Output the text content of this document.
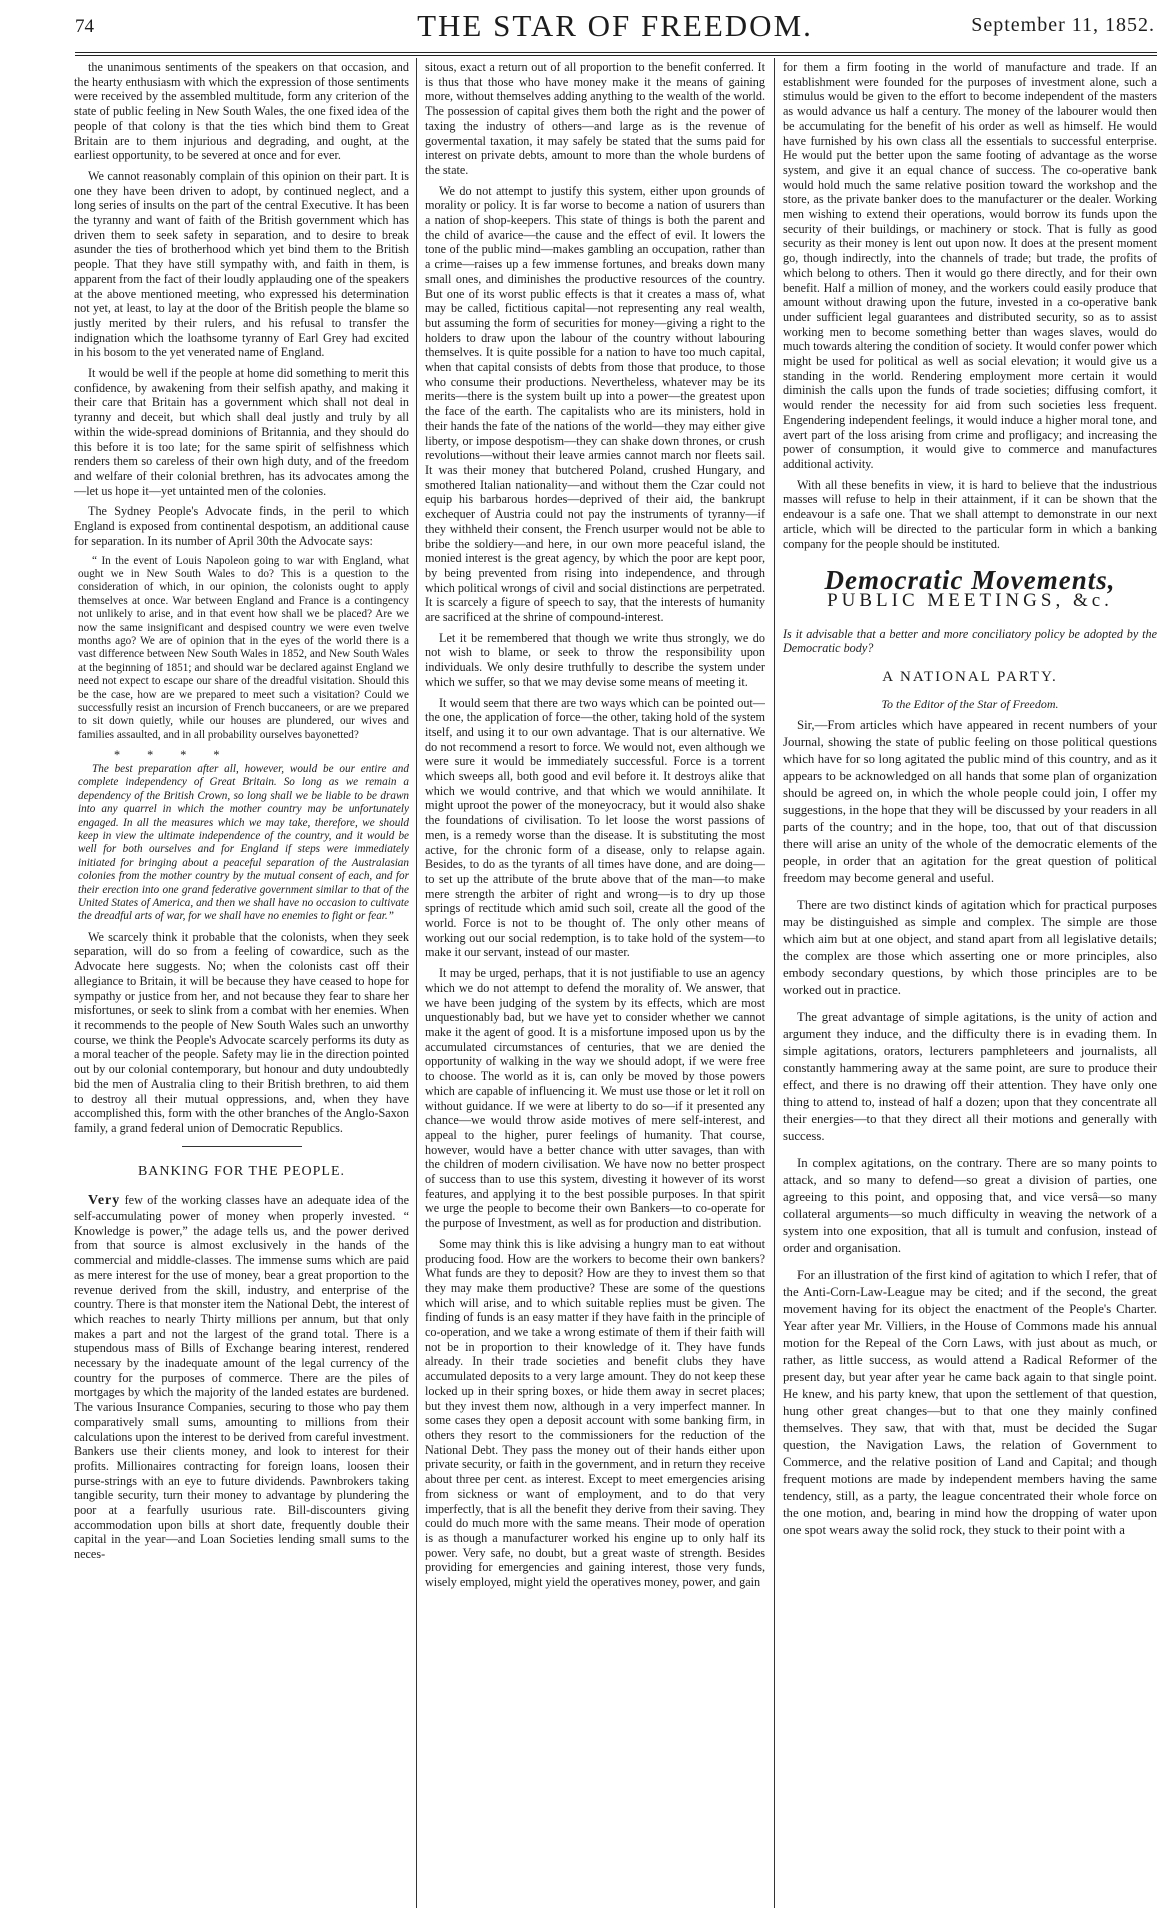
74	THE STAR OF FREEDOM.	September 11, 1852.

the unanimous sentiments of the speakers on that occasion, and the hearty enthusiasm with which the expression of those sentiments were received by the assembled multitude, form any criterion of the state of public feeling in New South Wales, the one fixed idea of the people of that colony is that the ties which bind them to Great Britain are to them injurious and degrading, and ought, at the earliest opportunity, to be severed at once and for ever.

We cannot reasonably complain of this opinion on their part. It is one they have been driven to adopt, by continued neglect, and a long series of insults on the part of the central Executive. It has been the tyranny and want of faith of the British government which has driven them to seek safety in separation, and to desire to break asunder the ties of brotherhood which yet bind them to the British people. That they have still sympathy with, and faith in them, is apparent from the fact of their loudly applauding one of the speakers at the above mentioned meeting, who expressed his determination not yet, at least, to lay at the door of the British people the blame so justly merited by their rulers, and his refusal to transfer the indignation which the loathsome tyranny of Earl Grey had excited in his bosom to the yet venerated name of England.

It would be well if the people at home did something to merit this confidence, by awakening from their selfish apathy, and making it their care that Britain has a government which shall not deal in tyranny and deceit, but which shall deal justly and truly by all within the wide-spread dominions of Britannia, and they should do this before it is too late; for the same spirit of selfishness which renders them so careless of their own high duty, and of the freedom and welfare of their colonial brethren, has its advocates among the—let us hope it—yet untainted men of the colonies.

The Sydney People's Advocate finds, in the peril to which England is exposed from continental despotism, an additional cause for separation. In its number of April 30th the Advocate says:

“ In the event of Louis Napoleon going to war with England, what ought we in New South Wales to do? This is a question to the consideration of which, in our opinion, the colonists ought to apply themselves at once. War between England and France is a contingency not unlikely to arise, and in that event how shall we be placed? Are we now the same insignificant and despised country we were even twelve months ago? We are of opinion that in the eyes of the world there is a vast difference between New South Wales in 1852, and New South Wales at the beginning of 1851; and should war be declared against England we need not expect to escape our share of the dreadful visitation. Should this be the case, how are we prepared to meet such a visitation? Could we successfully resist an incursion of French buccaneers, or are we prepared to sit down quietly, while our houses are plundered, our wives and families assaulted, and in all probability ourselves bayonetted?

* * * *

The best preparation after all, however, would be our entire and complete independency of Great Britain. So long as we remain a dependency of the British Crown, so long shall we be liable to be drawn into any quarrel in which the mother country may be unfortunately engaged. In all the measures which we may take, therefore, we should keep in view the ultimate independence of the country, and it would be well for both ourselves and for England if steps were immediately initiated for bringing about a peaceful separation of the Australasian colonies from the mother country by the mutual consent of each, and for their erection into one grand federative government similar to that of the United States of America, and then we shall have no occasion to cultivate the dreadful arts of war, for we shall have no enemies to fight or fear.”

We scarcely think it probable that the colonists, when they seek separation, will do so from a feeling of cowardice, such as the Advocate here suggests. No; when the colonists cast off their allegiance to Britain, it will be because they have ceased to hope for sympathy or justice from her, and not because they fear to share her misfortunes, or seek to slink from a combat with her enemies. When it recommends to the people of New South Wales such an unworthy course, we think the People's Advocate scarcely performs its duty as a moral teacher of the people. Safety may lie in the direction pointed out by our colonial contemporary, but honour and duty undoubtedly bid the men of Australia cling to their British brethren, to aid them to destroy all their mutual oppressions, and, when they have accomplished this, form with the other branches of the Anglo-Saxon family, a grand federal union of Democratic Republics.

BANKING FOR THE PEOPLE.

Very few of the working classes have an adequate idea of the self-accumulating power of money when properly invested. “ Knowledge is power,” the adage tells us, and the power derived from that source is almost exclusively in the hands of the commercial and middle-classes. The immense sums which are paid as mere interest for the use of money, bear a great proportion to the revenue derived from the skill, industry, and enterprise of the country. There is that monster item the National Debt, the interest of which reaches to nearly Thirty millions per annum, but that only makes a part and not the largest of the grand total. There is a stupendous mass of Bills of Exchange bearing interest, rendered necessary by the inadequate amount of the legal currency of the country for the purposes of commerce. There are the piles of mortgages by which the majority of the landed estates are burdened. The various Insurance Companies, securing to those who pay them comparatively small sums, amounting to millions from their calculations upon the interest to be derived from careful investment. Bankers use their clients money, and look to interest for their profits. Millionaires contracting for foreign loans, loosen their purse-strings with an eye to future dividends. Pawnbrokers taking tangible security, turn their money to advantage by plundering the poor at a fearfully usurious rate. Bill-discounters giving accommodation upon bills at short date, frequently double their capital in the year—and Loan Societies lending small sums to the neces-

sitous, exact a return out of all proportion to the benefit conferred. It is thus that those who have money make it the means of gaining more, without themselves adding anything to the wealth of the world. The possession of capital gives them both the right and the power of taxing the industry of others—and large as is the revenue of govermental taxation, it may safely be stated that the sums paid for interest on private debts, amount to more than the whole burdens of the state.

We do not attempt to justify this system, either upon grounds of morality or policy. It is far worse to become a nation of usurers than a nation of shop-keepers. This state of things is both the parent and the child of avarice—the cause and the effect of evil. It lowers the tone of the public mind—makes gambling an occupation, rather than a crime—raises up a few immense fortunes, and breaks down many small ones, and diminishes the productive resources of the country. But one of its worst public effects is that it creates a mass of, what may be called, fictitious capital—not representing any real wealth, but assuming the form of securities for money—giving a right to the holders to draw upon the labour of the country without labouring themselves. It is quite possible for a nation to have too much capital, when that capital consists of debts from those that produce, to those who consume their productions. Nevertheless, whatever may be its merits—there is the system built up into a power—the greatest upon the face of the earth. The capitalists who are its ministers, hold in their hands the fate of the nations of the world—they may either give liberty, or impose despotism—they can shake down thrones, or crush revolutions—without their leave armies cannot march nor fleets sail. It was their money that butchered Poland, crushed Hungary, and smothered Italian nationality—and without them the Czar could not equip his barbarous hordes—deprived of their aid, the bankrupt exchequer of Austria could not pay the instruments of tyranny—if they withheld their consent, the French usurper would not be able to bribe the soldiery—and here, in our own more peaceful island, the monied interest is the great agency, by which the poor are kept poor, by being prevented from rising into independence, and through which political wrongs of civil and social distinctions are perpetrated. It is scarcely a figure of speech to say, that the interests of humanity are sacrificed at the shrine of compound-interest.

Let it be remembered that though we write thus strongly, we do not wish to blame, or seek to throw the responsibility upon individuals. We only desire truthfully to describe the system under which we suffer, so that we may devise some means of meeting it.

It would seem that there are two ways which can be pointed out—the one, the application of force—the other, taking hold of the system itself, and using it to our own advantage. That is our alternative. We do not recommend a resort to force. We would not, even although we were sure it would be immediately successful. Force is a torrent which sweeps all, both good and evil before it. It destroys alike that which we would contrive, and that which we would annihilate. It might uproot the power of the moneyocracy, but it would also shake the foundations of civilisation. To let loose the worst passions of men, is a remedy worse than the disease. It is substituting the most active, for the chronic form of a disease, only to relapse again. Besides, to do as the tyrants of all times have done, and are doing—to set up the attribute of the brute above that of the man—to make mere strength the arbiter of right and wrong—is to dry up those springs of rectitude which amid such soil, create all the good of the world. Force is not to be thought of. The only other means of working out our social redemption, is to take hold of the system—to make it our servant, instead of our master.

It may be urged, perhaps, that it is not justifiable to use an agency which we do not attempt to defend the morality of. We answer, that we have been judging of the system by its effects, which are most unquestionably bad, but we have yet to consider whether we cannot make it the agent of good. It is a misfortune imposed upon us by the accumulated circumstances of centuries, that we are denied the opportunity of walking in the way we should adopt, if we were free to choose. The world as it is, can only be moved by those powers which are capable of influencing it. We must use those or let it roll on without guidance. If we were at liberty to do so—if it presented any chance—we would throw aside motives of mere self-interest, and appeal to the higher, purer feelings of humanity. That course, however, would have a better chance with utter savages, than with the children of modern civilisation. We have now no better prospect of success than to use this system, divesting it however of its worst features, and applying it to the best possible purposes. In that spirit we urge the people to become their own Bankers—to co-operate for the purpose of Investment, as well as for production and distribution.

Some may think this is like advising a hungry man to eat without producing food. How are the workers to become their own bankers? What funds are they to deposit? How are they to invest them so that they may make them productive? These are some of the questions which will arise, and to which suitable replies must be given. The finding of funds is an easy matter if they have faith in the principle of co-operation, and we take a wrong estimate of them if their faith will not be in proportion to their knowledge of it. They have funds already. In their trade societies and benefit clubs they have accumulated deposits to a very large amount. They do not keep these locked up in their spring boxes, or hide them away in secret places; but they invest them now, although in a very imperfect manner. In some cases they open a deposit account with some banking firm, in others they resort to the commissioners for the reduction of the National Debt. They pass the money out of their hands either upon private security, or faith in the government, and in return they receive about three per cent. as interest. Except to meet emergencies arising from sickness or want of employment, and to do that very imperfectly, that is all the benefit they derive from their saving. They could do much more with the same means. Their mode of operation is as though a manufacturer worked his engine up to only half its power. Very safe, no doubt, but a great waste of strength. Besides providing for emergencies and gaining interest, those very funds, wisely employed, might yield the operatives money, power, and gain

for them a firm footing in the world of manufacture and trade. If an establishment were founded for the purposes of investment alone, such a stimulus would be given to the effort to become independent of the masters as would advance us half a century. The money of the labourer would then be accumulating for the benefit of his order as well as himself. He would have furnished by his own class all the essentials to successful enterprise. He would put the better upon the same footing of advantage as the worse system, and give it an equal chance of success. The co-operative bank would hold much the same relative position toward the workshop and the store, as the private banker does to the manufacturer or the dealer. Working men wishing to extend their operations, would borrow its funds upon the security of their buildings, or machinery or stock. That is fully as good security as their money is lent out upon now. It does at the present moment go, though indirectly, into the channels of trade; but trade, the profits of which belong to others. Then it would go there directly, and for their own benefit. Half a million of money, and the workers could easily produce that amount without drawing upon the future, invested in a co-operative bank under sufficient legal guarantees and distributed security, so as to assist working men to become something better than wages slaves, would do much towards altering the condition of society. It would confer power which might be used for political as well as social elevation; it would give us a standing in the world. Rendering employment more certain it would diminish the calls upon the funds of trade societies; diffusing comfort, it would render the necessity for aid from such societies less frequent. Engendering independent feelings, it would induce a higher moral tone, and avert part of the loss arising from crime and profligacy; and increasing the power of consumption, it would give to commerce and manufactures additional activity.

With all these benefits in view, it is hard to believe that the industrious masses will refuse to help in their attainment, if it can be shown that the endeavour is a safe one. That we shall attempt to demonstrate in our next article, which will be directed to the particular form in which a banking company for the people should be instituted.

Democratic Movements,
PUBLIC MEETINGS, &c.

Is it advisable that a better and more conciliatory policy be adopted by the Democratic body?

A NATIONAL PARTY.

To the Editor of the Star of Freedom.

Sir,—From articles which have appeared in recent numbers of your Journal, showing the state of public feeling on those political questions which have for so long agitated the public mind of this country, and as it appears to be acknowledged on all hands that some plan of organization should be agreed on, in which the whole people could join, I offer my suggestions, in the hope that they will be discussed by your readers in all parts of the country; and in the hope, too, that out of that discussion there will arise an unity of the whole of the democratic elements of the people, in order that an agitation for the great question of political freedom may become general and useful.

There are two distinct kinds of agitation which for practical purposes may be distinguished as simple and complex. The simple are those which aim but at one object, and stand apart from all legislative details; the complex are those which asserting one or more principles, also embody secondary questions, by which those principles are to be worked out in practice.

The great advantage of simple agitations, is the unity of action and argument they induce, and the difficulty there is in evading them. In simple agitations, orators, lecturers pamphleteers and journalists, all constantly hammering away at the same point, are sure to produce their effect, and there is no drawing off their attention. They have only one thing to attend to, instead of half a dozen; upon that they concentrate all their energies—to that they direct all their motions and generally with success.

In complex agitations, on the contrary. There are so many points to attack, and so many to defend—so great a division of parties, one agreeing to this point, and opposing that, and vice versâ—so many collateral arguments—so much difficulty in weaving the network of a system into one exposition, that all is tumult and confusion, instead of order and organisation.

For an illustration of the first kind of agitation to which I refer, that of the Anti-Corn-Law-League may be cited; and if the second, the great movement having for its object the enactment of the People's Charter. Year after year Mr. Villiers, in the House of Commons made his annual motion for the Repeal of the Corn Laws, with just about as much, or rather, as little success, as would attend a Radical Reformer of the present day, but year after year he came back again to that single point. He knew, and his party knew, that upon the settlement of that question, hung other great changes—but to that one they mainly confined themselves. They saw, that with that, must be decided the Sugar question, the Navigation Laws, the relation of Government to Commerce, and the relative position of Land and Capital; and though frequent motions are made by independent members having the same tendency, still, as a party, the league concentrated their whole force on the one motion, and, bearing in mind how the dropping of water upon one spot wears away the solid rock, they stuck to their point with a
